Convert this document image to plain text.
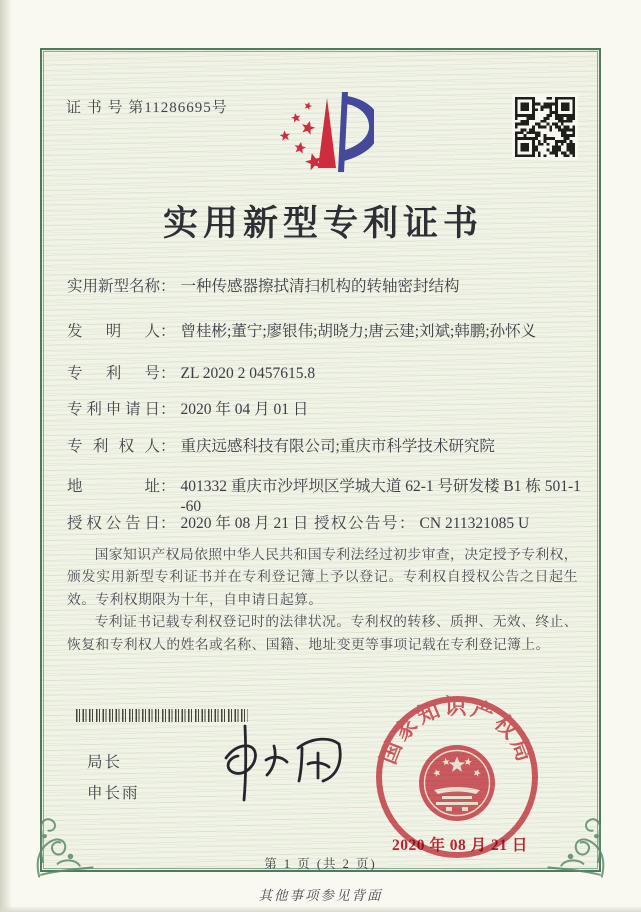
证 书 号 第11286695号
实用新型专利证书
实用新型名称 ： 一种传感器擦拭清扫机构的转轴密封结构
发明人 ： 曾桂彬;董宁;廖银伟;胡晓力;唐云建;刘斌;韩鹏;孙怀义
专利号 ： ZL 2020 2 0457615.8
专利申请日 ： 2020 年 04 月 01 日
专利权人 ： 重庆远感科技有限公司;重庆市科学技术研究院
地址 ： 401332 重庆市沙坪坝区学城大道 62-1 号研发楼 B1 栋 501-1
-60
授权公告日 ： 2020 年 08 月 21 日 授权公告号 ： CN 211321085 U

国家知识产权局依照中华人民共和国专利法经过初步审查，决定授予专利权，颁发实用新型专利证书并在专利登记簿上予以登记。专利权自授权公告之日起生效。专利权期限为十年，自申请日起算。

专利证书记载专利权登记时的法律状况。专利权的转移、质押、无效、终止、恢复和专利权人的姓名或名称、国籍、地址变更等事项记载在专利登记簿上。

局长
申长雨
国家知识产权局
2020 年 08 月 21 日
第 1 页 (共 2 页)
其他事项参见背面
